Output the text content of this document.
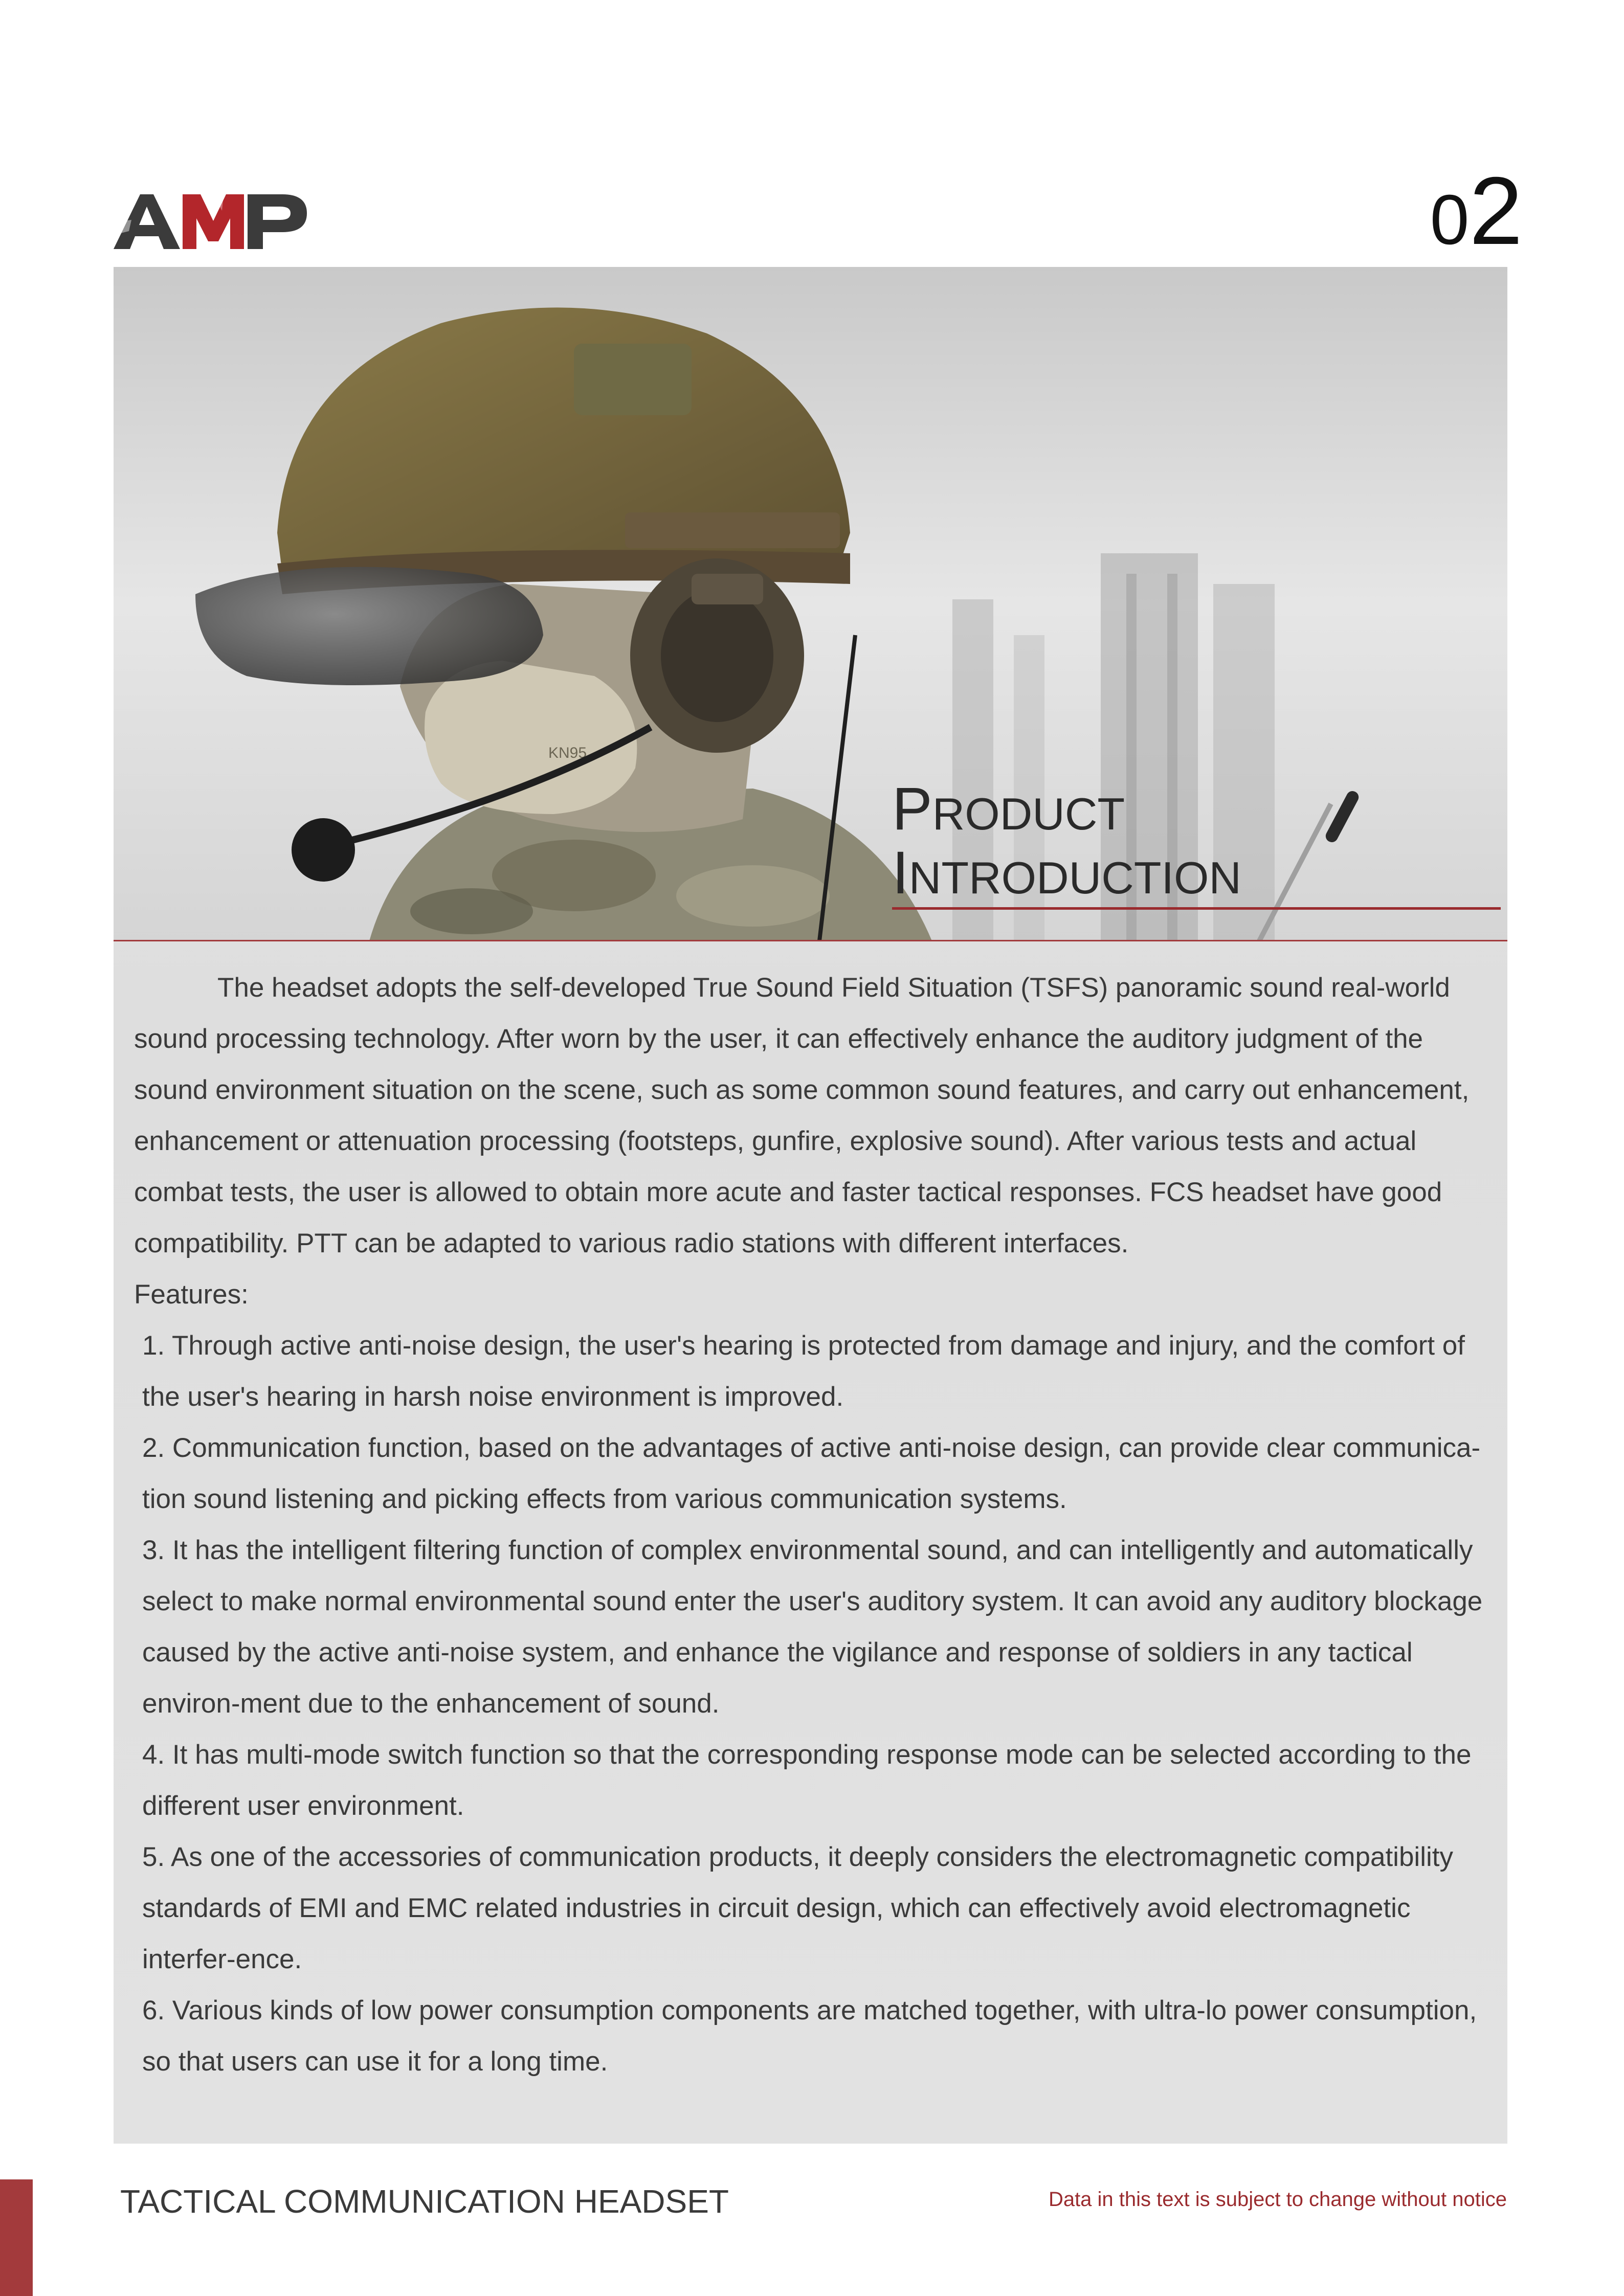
02
KN95
PRODUCT
INTRODUCTION

The headset adopts the self-developed True Sound Field Situation (TSFS) panoramic sound real-world sound processing technology. After worn by the user, it can effectively enhance the auditory judgment of the sound environment situation on the scene, such as some common sound features, and carry out enhancement, enhancement or attenuation processing (footsteps, gunfire, explosive sound). After various tests and actual combat tests, the user is allowed to obtain more acute and faster tactical responses. FCS headset have good compatibility. PTT can be adapted to various radio stations with different interfaces.

Features:

1. Through active anti-noise design, the user's hearing is protected from damage and injury, and the comfort of the user's hearing in harsh noise environment is improved.

2. Communication function, based on the advantages of active anti-noise design, can provide clear communica-tion sound listening and picking effects from various communication systems.

3. It has the intelligent filtering function of complex environmental sound, and can intelligently and automatically select to make normal environmental sound enter the user's auditory system. It can avoid any auditory blockage caused by the active anti-noise system, and enhance the vigilance and response of soldiers in any tactical environ-ment due to the enhancement of sound.

4. It has multi-mode switch function so that the corresponding response mode can be selected according to the different user environment.

5. As one of the accessories of communication products, it deeply considers the electromagnetic compatibility standards of EMI and EMC related industries in circuit design, which can effectively avoid electromagnetic interfer-ence.

6. Various kinds of low power consumption components are matched together, with ultra-lo power consumption, so that users can use it for a long time.

TACTICAL COMMUNICATION HEADSET	Data in this text is subject to change without notice
